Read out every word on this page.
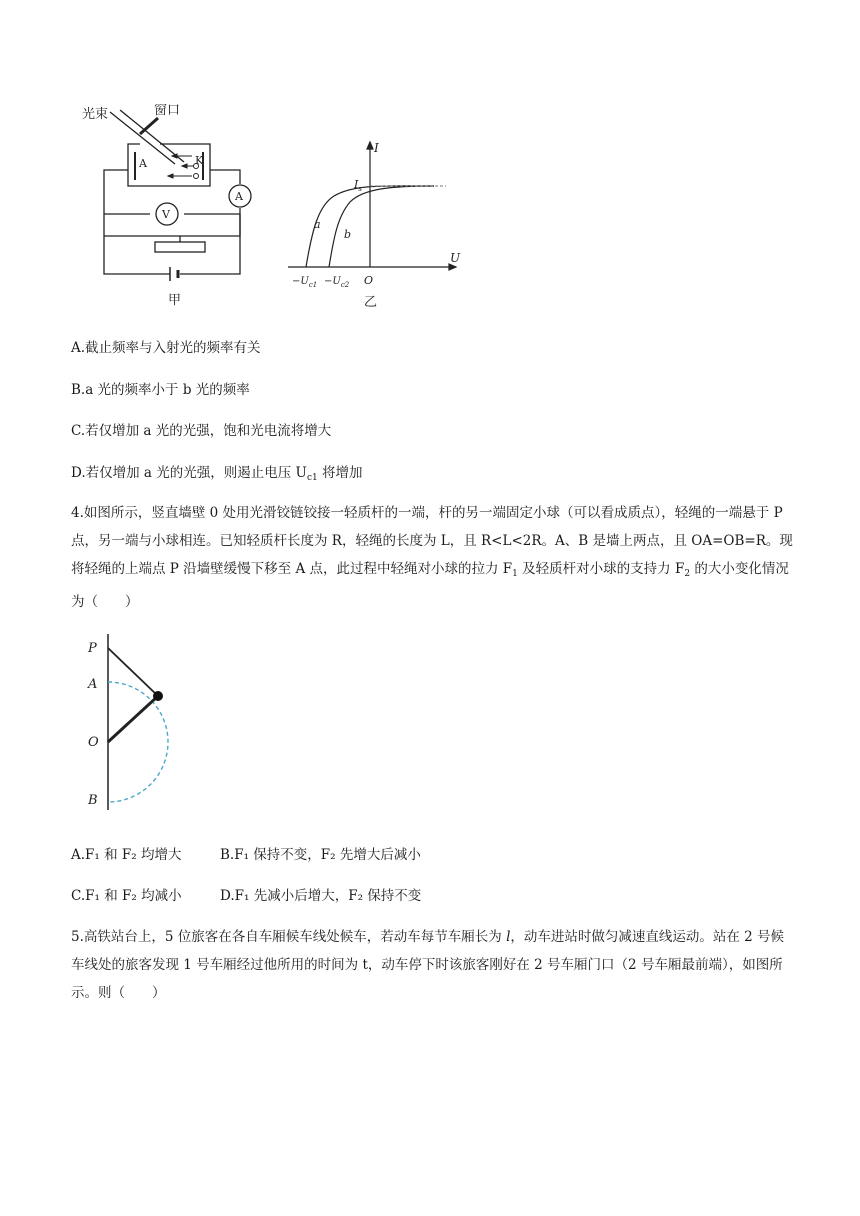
光束	窗口
A	K
A
V
甲
I
U
$I_s$
a
b
O
$-U_{c1} -U_{c2}$
乙
A.截止频率与入射光的频率有关
B.a 光的频率小于 b 光的频率
C.若仅增加 a 光的光强，饱和光电流将增大
D.若仅增加 a 光的光强，则遏止电压 $U_{c1}$ 将增加
4.如图所示，竖直墙壁 0 处用光滑铰链铰接一轻质杆的一端，杆的另一端固定小球（可以看成质点），轻绳的一端悬于 P 点，另一端与小球相连。已知轻质杆长度为 R，轻绳的长度为 L，且 R<L<2R。A、B 是墙上两点，且 OA=OB=R。现将轻绳的上端点 P 沿墙壁缓慢下移至 A 点，此过程中轻绳对小球的拉力 $F_1$ 及轻质杆对小球的支持力 $F_2$ 的大小变化情况为（　　）
P
A
O
B
A.F₁ 和 F₂ 均增大	B.F₁ 保持不变，F₂ 先增大后减小
C.F₁ 和 F₂ 均减小	D.F₁ 先减小后增大，F₂ 保持不变
5.高铁站台上，5 位旅客在各自车厢候车线处候车，若动车每节车厢长为 l，动车进站时做匀减速直线运动。站在 2 号候车线处的旅客发现 1 号车厢经过他所用的时间为 t，动车停下时该旅客刚好在 2 号车厢门口（2 号车厢最前端），如图所示。则（　　）
